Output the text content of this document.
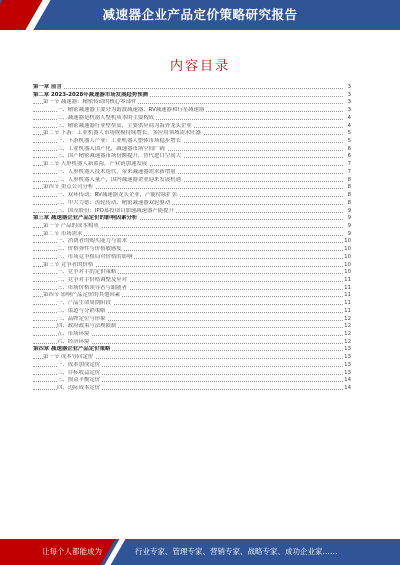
减速器企业产品定价策略研究报告
内容目录
第一章 前言	3
第二章 2023-2028年减速器市场发展趋势预测	3
第一节 减速器：精密传动的核心零部件	3
一、精密减速器主要分为谐波减速器、RV减速器和行星减速器	3
二、减速器是机器人整机成本的主要构成	4
三、精密减速器行业壁垒高，主要供应商为海外龙头企业	4
第二节 下游：工业机器人市场规模持续增长，多应用领域需求旺盛	5
一、下游机器人产业：工业机器人整体市场稳步增长	5
二、工业机器人国产化，减速器市场空间广阔	6
三、国产精密减速器市场份额提升，替代进口空间大	6
第三节 人形机器人新蓝海，产业链加速发展	7
一、人形机器人技术迭代，带来减速器需求新增量	7
二、人形机器人量产，国内减速器企业迎来发展机遇	8
第四节 重点公司分析	8
一、双环传动：RV减速器龙头企业，产能持续扩张	8
二、中大力德：齿轮传动、精密减速器双轮驱动	8
三、国茂股份：IPO募投项目加速减速器产能提升	9
第三章 减速器企业产品定价的影响因素分析	9
第一节 产品的成本构成	9
第二节 市场需求	9
一、消费者的购买能力与需求	10
二、价格弹性与价格敏感度	10
三、市场竞争格局对价格的影响	10
第三节 竞争者的价格	10
一、竞争对手的定价策略	10
二、竞争对手价格调整及应对	11
三、市场价格领导者与跟随者	11
第四节 影响产品定价的其他因素	11
一、产品生命周期阶段	11
二、渠道与分销策略	11
三、品牌定位与形象	12
四、政府政策与法规限制	12
五、市场环境	12
六、经济环境	12
第四章 减速器企业产品定价策略	13
第一节 成本导向定价	13
一、成本加成定价	13
二、目标收益定价	13
三、损益平衡定价	14
四、边际成本定价	14
让每个人都能成为	行业专家、管理专家、营销专家、战略专家、成功企业家……
